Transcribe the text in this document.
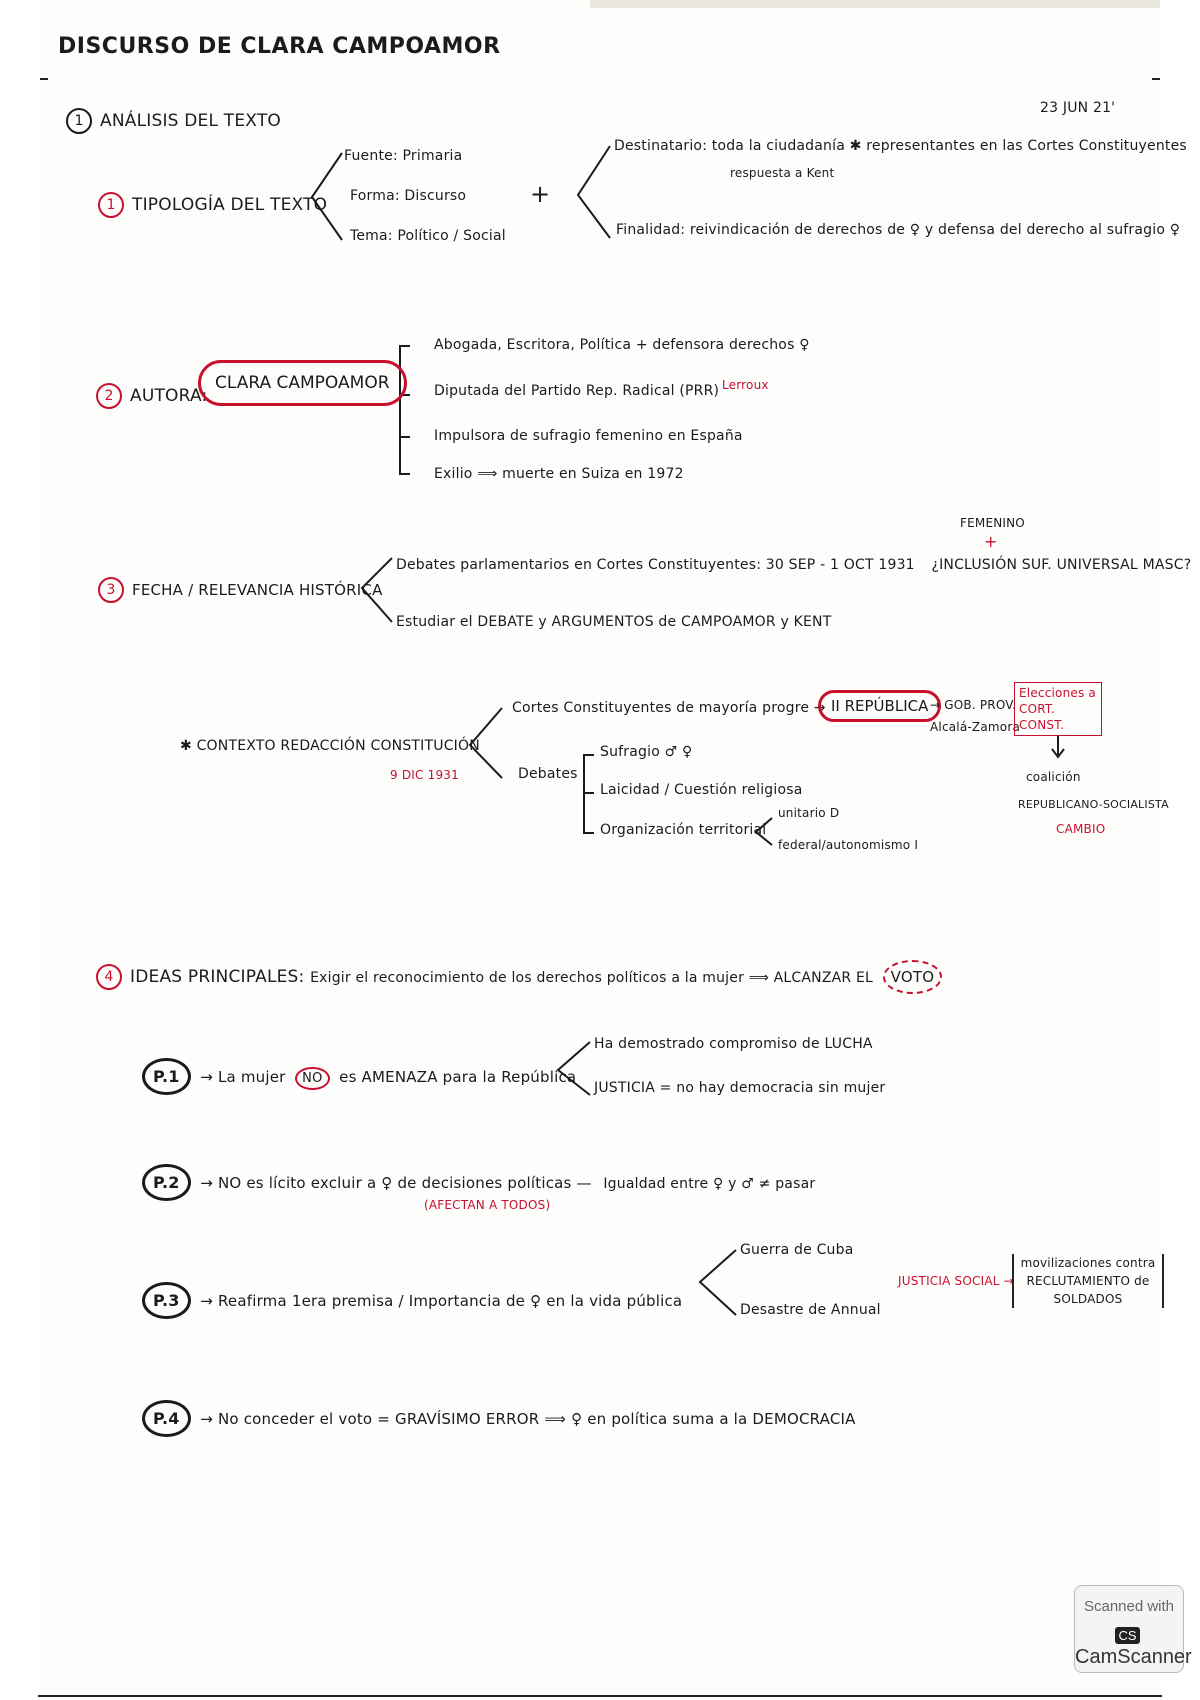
DISCURSO DE CLARA CAMPOAMOR
23 JUN 21'
1 ANÁLISIS DEL TEXTO
1 TIPOLOGÍA DEL TEXTO
Fuente: Primaria
Forma: Discurso
Tema: Político / Social
+
Destinatario: toda la ciudadanía ✱ representantes en las Cortes Constituyentes
respuesta a Kent
Finalidad: reivindicación de derechos de ♀ y defensa del derecho al sufragio ♀
2 AUTORA:
CLARA CAMPOAMOR
Abogada, Escritora, Política + defensora derechos ♀
Diputada del Partido Rep. Radical (PRR) Lerroux
Impulsora de sufragio femenino en España
Exilio ⟹ muerte en Suiza en 1972
3 FECHA / RELEVANCIA HISTÓRICA
FEMENINO
+
Debates parlamentarios en Cortes Constituyentes: 30 SEP - 1 OCT 1931 ¿INCLUSIÓN SUF. UNIVERSAL MASC?
Estudiar el DEBATE y ARGUMENTOS de CAMPOAMOR y KENT
✱ CONTEXTO REDACCIÓN CONSTITUCIÓN
9 DIC 1931
Cortes Constituyentes de mayoría progre → II REPÚBLICA → GOB. PROV.
Alcalá-Zamora
Elecciones a CORT. CONST.
coalición
REPUBLICANO-SOCIALISTA
CAMBIO
Debates
Sufragio ♂ ♀
Laicidad / Cuestión religiosa
Organización territorial
unitario D
federal/autonomismo I
4 IDEAS PRINCIPALES: Exigir el reconocimiento de los derechos políticos a la mujer ⟹ ALCANZAR EL VOTO
P.1 → La mujer NO es AMENAZA para la República
Ha demostrado compromiso de LUCHA
JUSTICIA = no hay democracia sin mujer
P.2 → NO es lícito excluir a ♀ de decisiones políticas — Igualdad entre ♀ y ♂ ≠ pasar
(AFECTAN A TODOS)
P.3 → Reafirma 1era premisa / Importancia de ♀ en la vida pública
Guerra de Cuba
Desastre de Annual
JUSTICIA SOCIAL →
movilizaciones contra RECLUTAMIENTO de SOLDADOS
P.4 → No conceder el voto = GRAVÍSIMO ERROR ⟹ ♀ en política suma a la DEMOCRACIA
Scanned with
CSCamScanner
